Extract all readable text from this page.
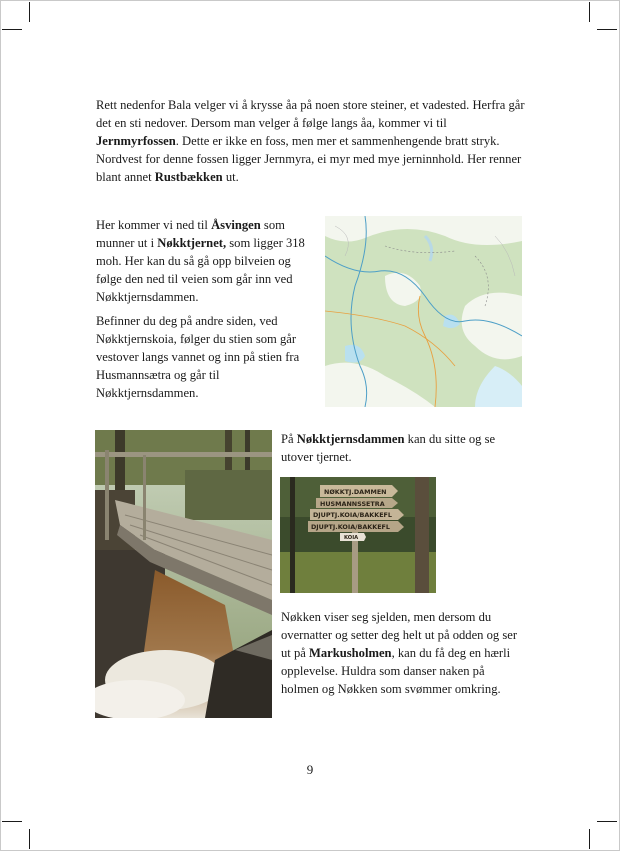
Rett nedenfor Bala velger vi å krysse åa på noen store steiner, et vadested. Herfra går det en sti nedover. Dersom man velger å følge langs åa, kommer vi til Jernmyrfossen. Dette er ikke en foss, men mer et sammenhengende bratt stryk. Nordvest for denne fossen ligger Jernmyra, ei myr med mye jerninnhold. Her renner blant annet Rustbækken ut.

Her kommer vi ned til Åsvingen som munner ut i Nøkktjernet, som ligger 318 moh. Her kan du så gå opp bilveien og følge den ned til veien som går inn ved Nøkktjernsdammen.

Befinner du deg på andre siden, ved Nøkktjernskoia, følger du stien som går vestover langs vannet og inn på stien fra Husmannsætra og går til Nøkktjernsdammen.

På Nøkktjernsdammen kan du sitte og se utover tjernet.

NØKKTJ.DAMMEN
HUSMANNSSETRA
DJUPTJ.KOIA/BAKKEFL
DJUPTJ.KOIA/BAKKEFL
KOIA

Nøkken viser seg sjelden, men dersom du overnatter og setter deg helt ut på odden og ser ut på Markusholmen, kan du få deg en hærli opplevelse. Huldra som danser naken på holmen og Nøkken som svømmer omkring.

9
